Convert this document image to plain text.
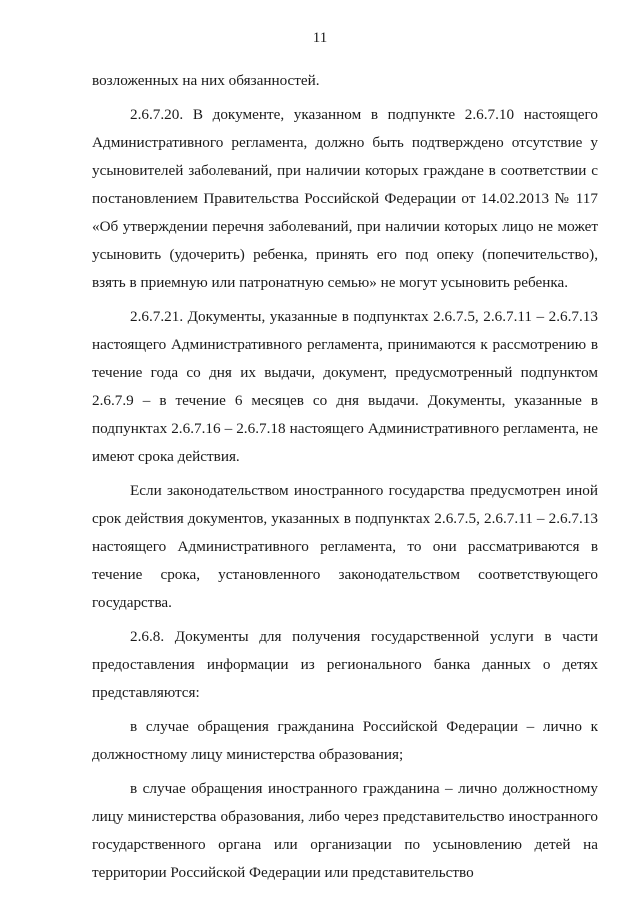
11

возложенных на них обязанностей.

2.6.7.20. В документе, указанном в подпункте 2.6.7.10 настоящего Административного регламента, должно быть подтверждено отсутствие у усыновителей заболеваний, при наличии которых граждане в соответствии с постановлением Правительства Российской Федерации от 14.02.2013 № 117 «Об утверждении перечня заболеваний, при наличии которых лицо не может усыновить (удочерить) ребенка, принять его под опеку (попечительство), взять в приемную или патронатную семью» не могут усыновить ребенка.

2.6.7.21. Документы, указанные в подпунктах 2.6.7.5, 2.6.7.11 – 2.6.7.13 настоящего Административного регламента, принимаются к рассмотрению в течение года со дня их выдачи, документ, предусмотренный подпунктом 2.6.7.9 – в течение 6 месяцев со дня выдачи. Документы, указанные в подпунктах 2.6.7.16 – 2.6.7.18 настоящего Административного регламента, не имеют срока действия.

Если законодательством иностранного государства предусмотрен иной срок действия документов, указанных в подпунктах 2.6.7.5, 2.6.7.11 – 2.6.7.13 настоящего Административного регламента, то они рассматриваются в течение срока, установленного законодательством соответствующего государства.

2.6.8. Документы для получения государственной услуги в части предоставления информации из регионального банка данных о детях представляются:

в случае обращения гражданина Российской Федерации – лично к должностному лицу министерства образования;

в случае обращения иностранного гражданина – лично должностному лицу министерства образования, либо через представительство иностранного государственного органа или организации по усыновлению детей на территории Российской Федерации или представительство
